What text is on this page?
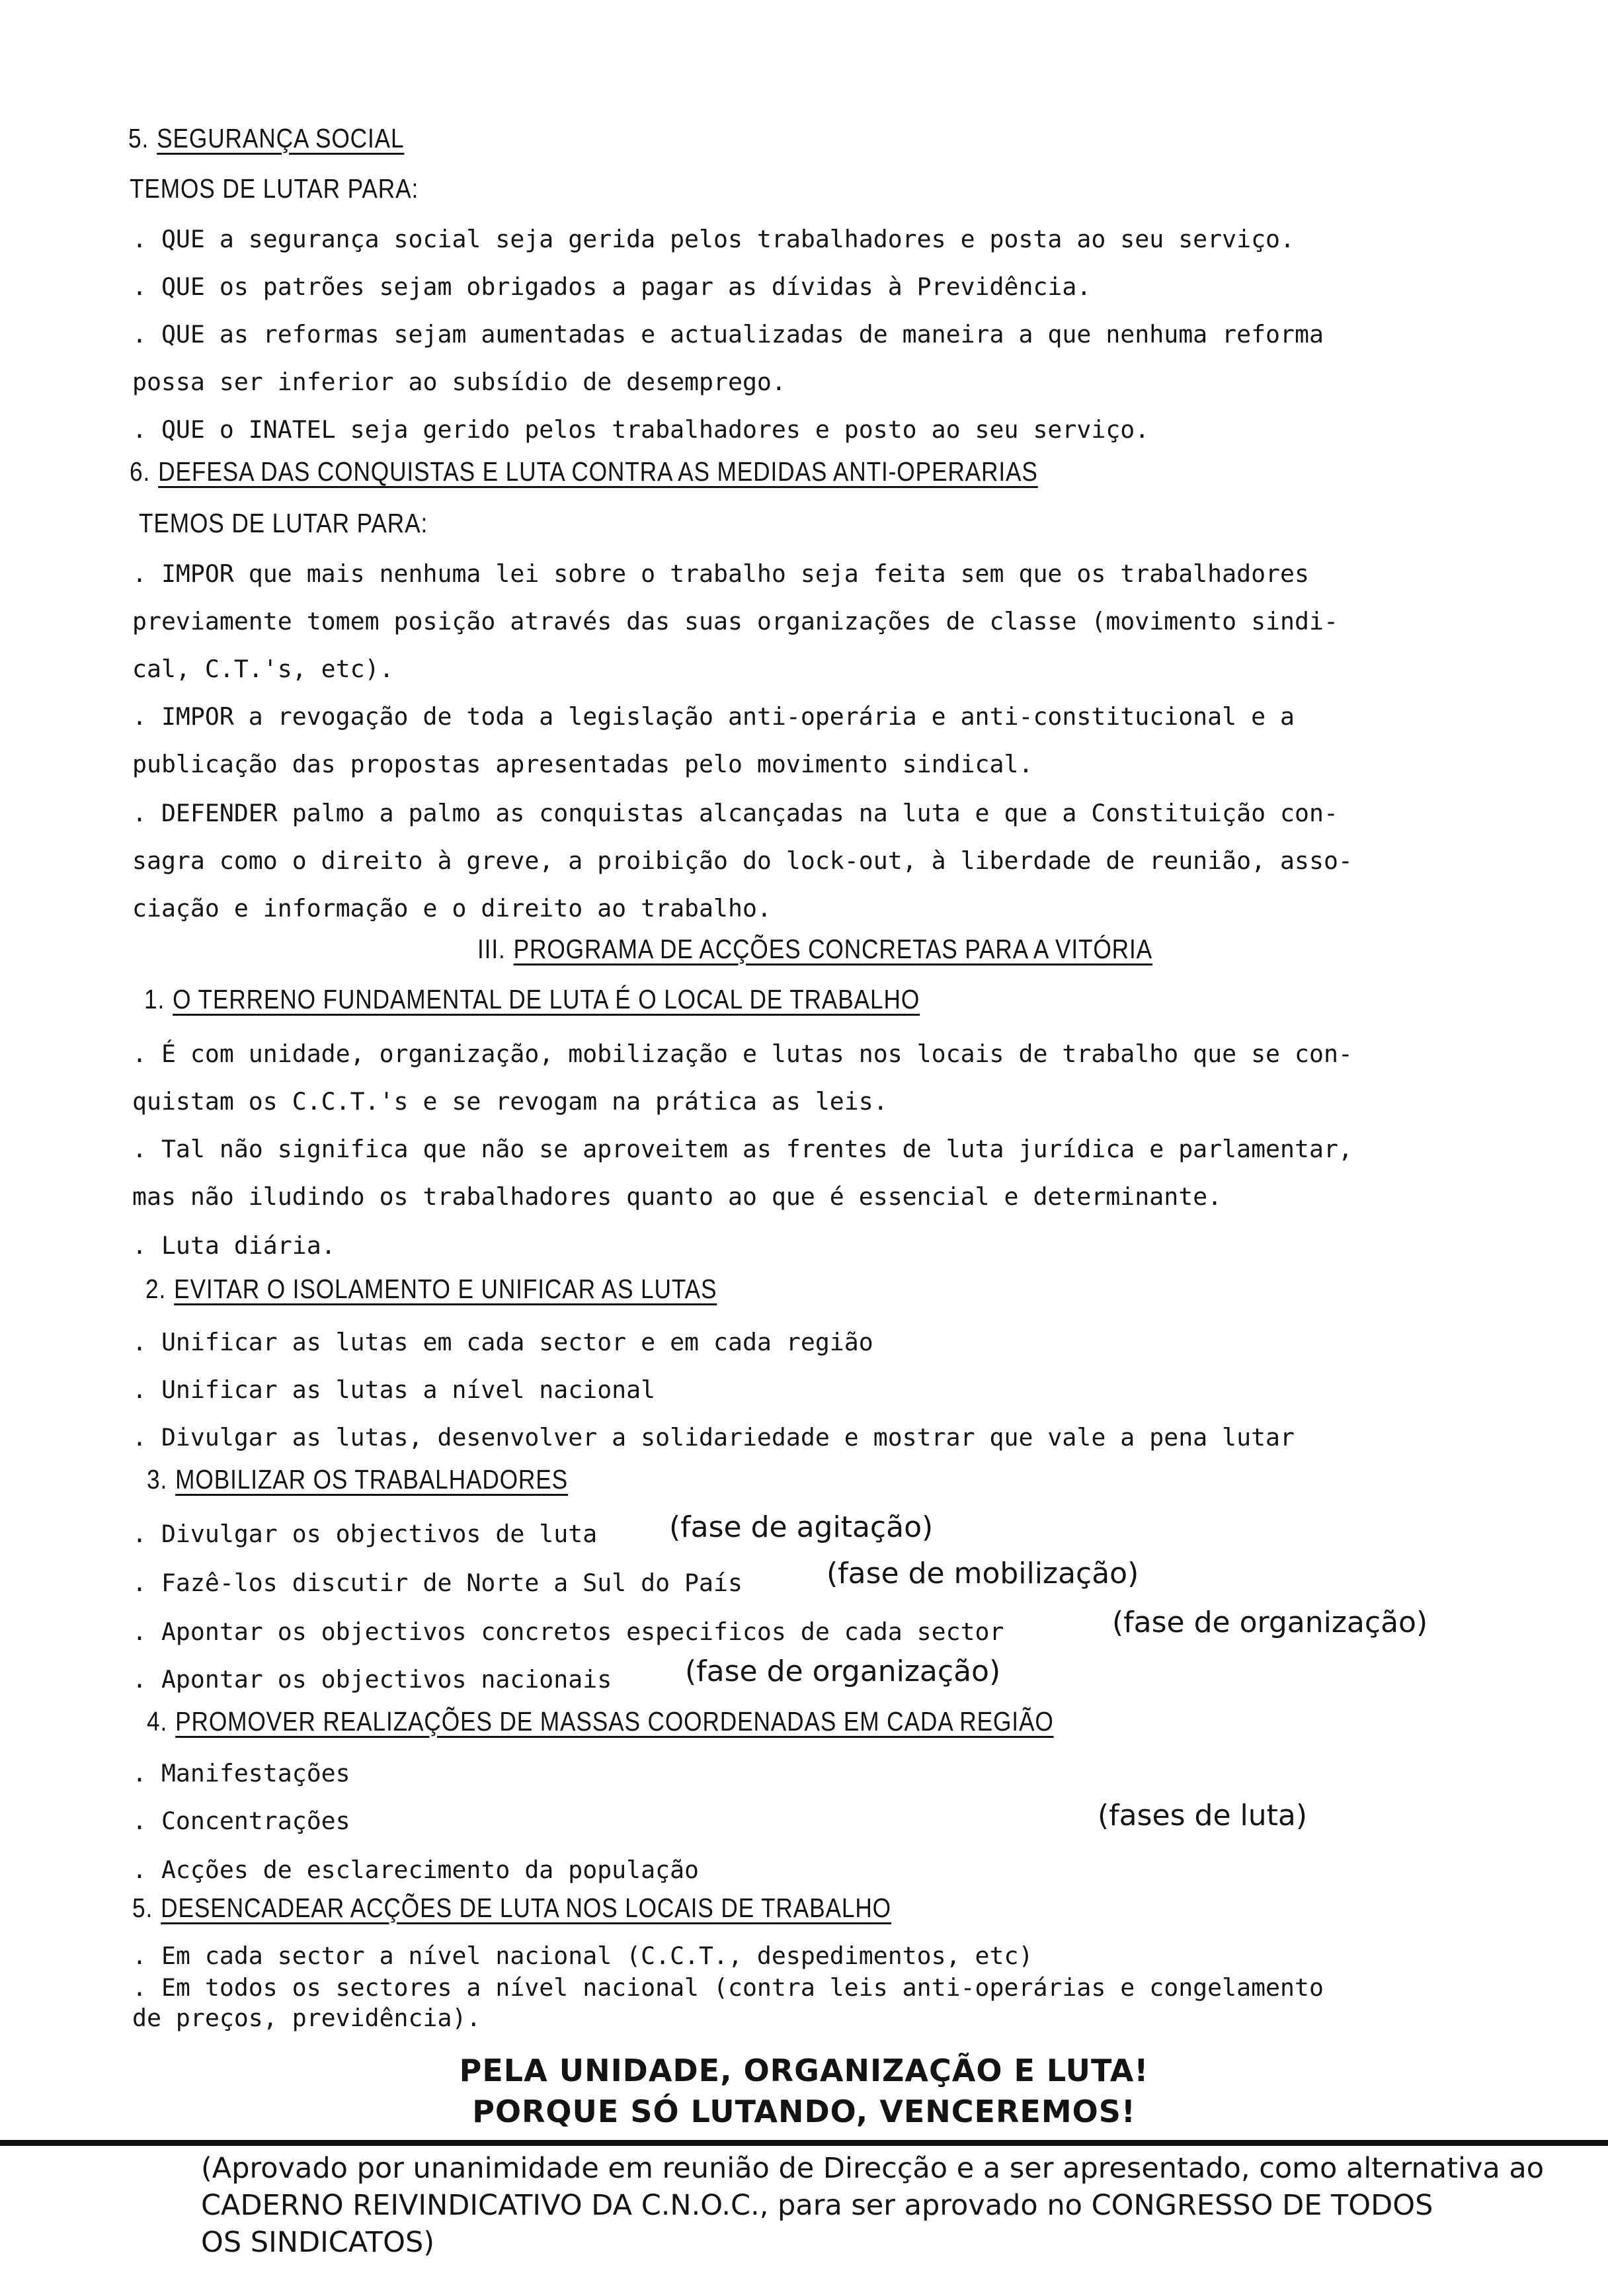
5. SEGURANÇA SOCIAL
TEMOS DE LUTAR PARA:
. QUE a segurança social seja gerida pelos trabalhadores e posta ao seu serviço.
. QUE os patrões sejam obrigados a pagar as dívidas à Previdência.
. QUE as reformas sejam aumentadas e actualizadas de maneira a que nenhuma reforma
possa ser inferior ao subsídio de desemprego.
. QUE o INATEL seja gerido pelos trabalhadores e posto ao seu serviço.
6. DEFESA DAS CONQUISTAS E LUTA CONTRA AS MEDIDAS ANTI-OPERARIAS
TEMOS DE LUTAR PARA:
. IMPOR que mais nenhuma lei sobre o trabalho seja feita sem que os trabalhadores
previamente tomem posição através das suas organizações de classe (movimento sindi-
cal, C.T.'s, etc).
. IMPOR a revogação de toda a legislação anti-operária e anti-constitucional e a
publicação das propostas apresentadas pelo movimento sindical.
. DEFENDER palmo a palmo as conquistas alcançadas na luta e que a Constituição con-
sagra como o direito à greve, a proibição do lock-out, à liberdade de reunião, asso-
ciação e informação e o direito ao trabalho.
III. PROGRAMA DE ACÇÕES CONCRETAS PARA A VITÓRIA
1. O TERRENO FUNDAMENTAL DE LUTA É O LOCAL DE TRABALHO
. É com unidade, organização, mobilização e lutas nos locais de trabalho que se con-
quistam os C.C.T.'s e se revogam na prática as leis.
. Tal não significa que não se aproveitem as frentes de luta jurídica e parlamentar,
mas não iludindo os trabalhadores quanto ao que é essencial e determinante.
. Luta diária.
2. EVITAR O ISOLAMENTO E UNIFICAR AS LUTAS
. Unificar as lutas em cada sector e em cada região
. Unificar as lutas a nível nacional
. Divulgar as lutas, desenvolver a solidariedade e mostrar que vale a pena lutar
3. MOBILIZAR OS TRABALHADORES
. Divulgar os objectivos de luta (fase de agitação)
. Fazê-los discutir de Norte a Sul do País	(fase de mobilização)
. Apontar os objectivos concretos especificos de cada sector	(fase de organização)
. Apontar os objectivos nacionais	(fase de organização)
4. PROMOVER REALIZAÇÕES DE MASSAS COORDENADAS EM CADA REGIÃO
. Manifestações
. Concentrações	(fases de luta)
. Acções de esclarecimento da população
5. DESENCADEAR ACÇÕES DE LUTA NOS LOCAIS DE TRABALHO
. Em cada sector a nível nacional (C.C.T., despedimentos, etc)
. Em todos os sectores a nível nacional (contra leis anti-operárias e congelamento
de preços, previdência).
PELA UNIDADE, ORGANIZAÇÃO E LUTA!
PORQUE SÓ LUTANDO, VENCEREMOS!
(Aprovado por unanimidade em reunião de Direcção e a ser apresentado, como alternativa ao
CADERNO REIVINDICATIVO DA C.N.O.C., para ser aprovado no CONGRESSO DE TODOS
OS SINDICATOS)
